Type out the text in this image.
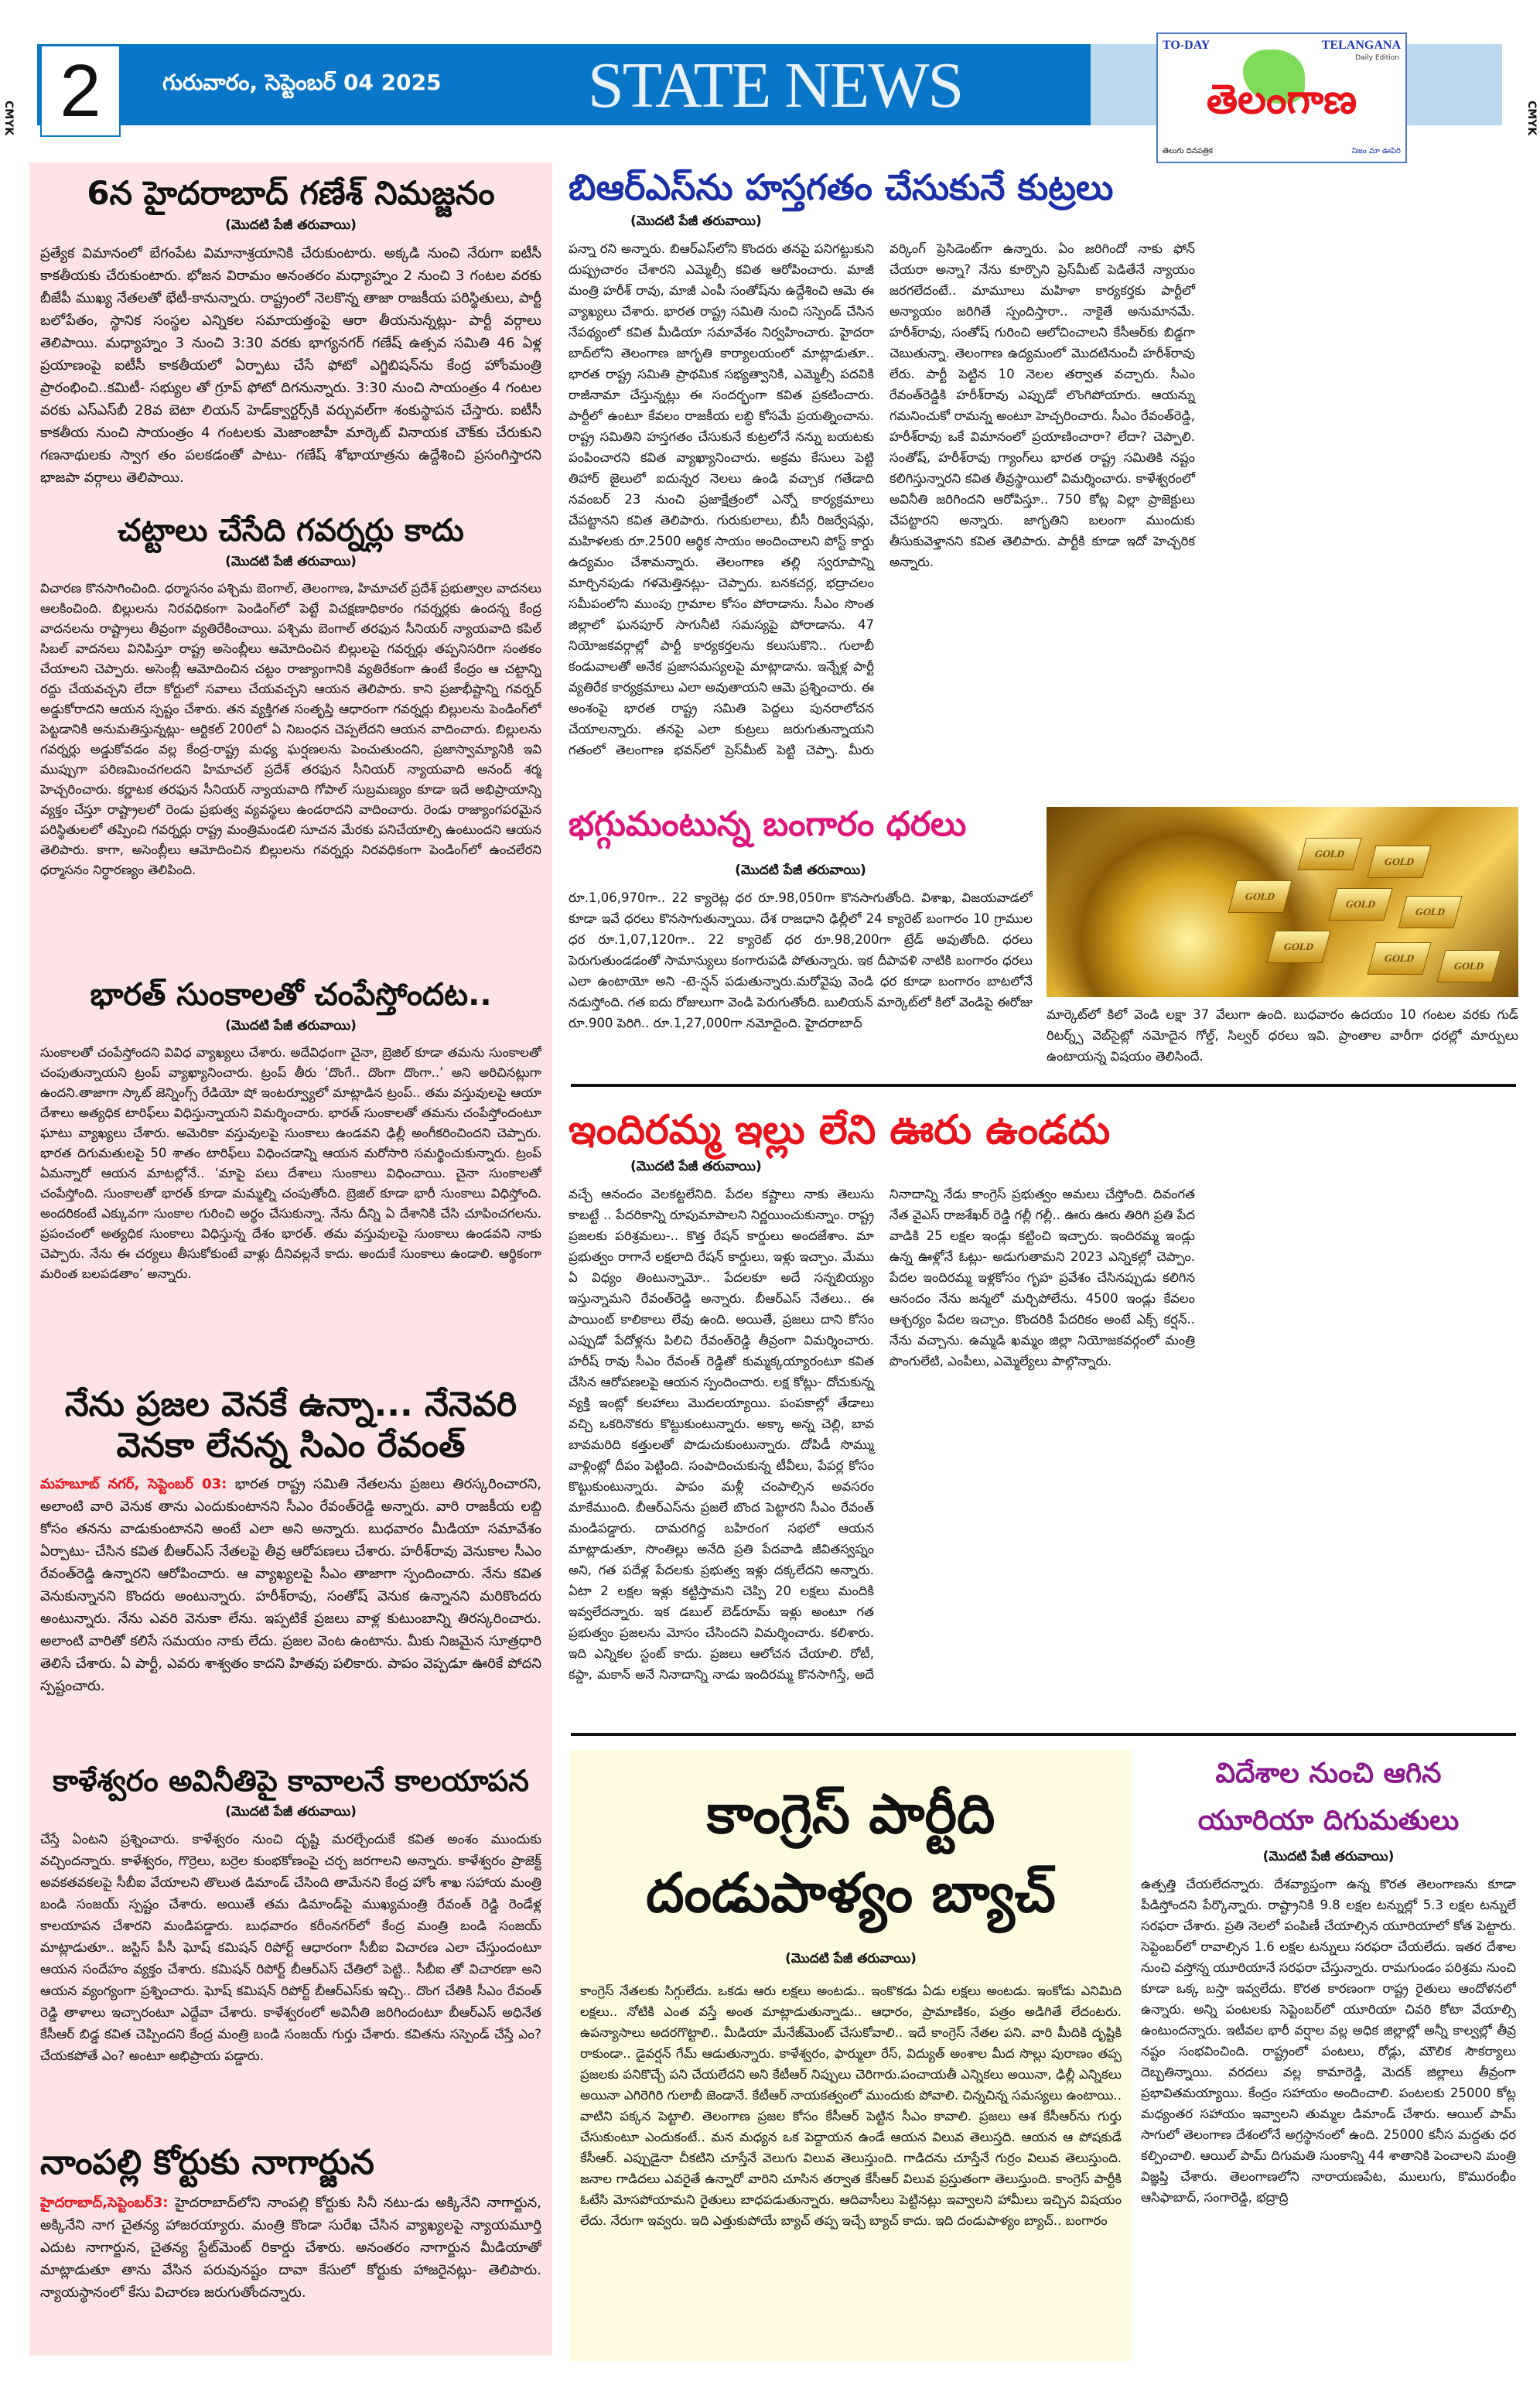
CMYK	CMYK
2	గురువారం, సెప్టెంబర్ 04 2025 STATE NEWS
TO-DAY	TELANGANA
Daily Edition
తెలంగాణ
తెలుగు దినపత్రిక	నిజం మా ఊపిరి
6న హైదరాబాద్ గణేశ్ నిమజ్జనం
(మొదటి పేజీ తరువాయి)

ప్రత్యేక విమానంలో బేగంపేట విమానాశ్రయానికి చేరుకుంటారు. అక్కడి నుంచి నేరుగా ఐటీసీ కాకతీయకు చేరుకుంటారు. భోజన విరామం అనంతరం మధ్యాహ్నం 2 నుంచి 3 గంటల వరకు బీజేపీ ముఖ్య నేతలతో భేటీ-కానున్నారు. రాష్ట్రంలో నెలకొన్న తాజా రాజకీయ పరిస్థితులు, పార్టీ బలోపేతం, స్థానిక సంస్థల ఎన్నికల సమాయత్తంపై ఆరా తీయనున్నట్లు- పార్టీ వర్గాలు తెలిపాయి. మధ్యాహ్నం 3 నుంచి 3:30 వరకు భాగ్యనగర్ గణేష్ ఉత్సవ సమితి 46 ఏళ్ల ప్రయాణంపై ఐటీసీ కాకతీయలో ఏర్పాటు చేసే ఫోటో ఎగ్జిబిషన్‌ను కేంద్ర హోంమంత్రి ప్రారంభించి..కమిటీ- సభ్యుల తో గ్రూప్ ఫోటో దిగనున్నారు. 3:30 నుంచి సాయంత్రం 4 గంటల వరకు ఎస్ఎస్‌బీ 28వ బెటా లియన్ హెడ్‌క్వార్టర్స్‌కి వర్చువల్‌గా శంకుస్థాపన చేస్తారు. ఐటీసీ కాకతీయ నుంచి సాయంత్రం 4 గంటలకు మెజాంజాహీ మార్కెట్ వినాయక చౌక్‌కు చేరుకుని గణనాథులకు స్వాగ తం పలకడంతో పాటు- గణేష్ శోభాయాత్రను ఉద్దేశించి ప్రసంగిస్తారని భాజపా వర్గాలు తెలిపాయి.

చట్టాలు చేసేది గవర్నర్లు కాదు
(మొదటి పేజీ తరువాయి)

విచారణ కొనసాగించింది. ధర్మాసనం పశ్చిమ బెంగాల్, తెలంగాణ, హిమాచల్ ప్రదేశ్ ప్రభుత్వాల వాదనలు ఆలకించింది. బిల్లులను నిరవధికంగా పెండింగ్‌లో పెట్టే విచక్షణాధికారం గవర్నర్లకు ఉందన్న కేంద్ర వాదనలను రాష్ట్రాలు తీవ్రంగా వ్యతిరేకించాయి. పశ్చిమ బెంగాల్ తరఫున సీనియర్ న్యాయవాది కపిల్ సిబల్ వాదనలు వినిపిస్తూ రాష్ట్ర అసెంబ్లీలు ఆమోదించిన బిల్లులపై గవర్నర్లు తప్పనిసరిగా సంతకం చేయాలని చెప్పారు. అసెంబ్లీ ఆమోదించిన చట్టం రాజ్యాంగానికి వ్యతిరేకంగా ఉంటే కేంద్రం ఆ చట్టాన్ని రద్దు చేయవచ్చని లేదా కోర్టులో సవాలు చేయవచ్చని ఆయన తెలిపారు. కాని ప్రజాభీష్టాన్ని గవర్నర్ అడ్డుకోరాదని ఆయన స్పష్టం చేశారు. తన వ్యక్తిగత సంతృప్తి ఆధారంగా గవర్నర్లు బిల్లులను పెండింగ్‌లో పెట్టడానికి అనుమతిస్తున్నట్లు- ఆర్టికల్ 200లో ఏ నిబంధన చెప్పలేదని ఆయన వాదించారు. బిల్లులను గవర్నర్లు అడ్డుకోవడం వల్ల కేంద్ర-రాష్ట్ర మధ్య ఘర్షణలను పెంచుతుందని, ప్రజాస్వామ్యానికి ఇవి ముప్పుగా పరిణమించగలదని హిమాచల్ ప్రదేశ్ తరఫున సీనియర్ న్యాయవాది ఆనంద్ శర్మ హెచ్చరించారు. కర్ణాటక తరఫున సీనియర్ న్యాయవాది గోపాల్ సుబ్రమణ్యం కూడా ఇదే అభిప్రాయాన్ని వ్యక్తం చేస్తూ రాష్ట్రాలలో రెండు ప్రభుత్వ వ్యవస్థలు ఉండరాదని వాదించారు. రెండు రాజ్యాంగపరమైన పరిస్థితులలో తప్పించి గవర్నర్లు రాష్ట్ర మంత్రిమండలి సూచన మేరకు పనిచేయాల్సి ఉంటుందని ఆయన తెలిపారు. కాగా, అసెంబ్లీలు ఆమోదించిన బిల్లులను గవర్నర్లు నిరవధికంగా పెండింగ్‌లో ఉంచలేరని ధర్మాసనం నిర్ధారణ్యం తెలిపింది.

భారత్ సుంకాలతో చంపేస్తోందట..
(మొదటి పేజీ తరువాయి)

సుంకాలతో చంపేస్తోందని వివిధ వ్యాఖ్యలు చేశారు. అదేవిధంగా చైనా, బ్రెజిల్ కూడా తమను సుంకాలతో చంపుతున్నాయని ట్రంప్ వ్యాఖ్యానించారు. ట్రంప్ తీరు ‘దొంగే.. దొంగా దొంగా..’ అని అరిచినట్లుగా ఉందని.తాజాగా స్కాట్ జెన్నింగ్స్ రేడియో షో ఇంటర్వ్యూలో మాట్లాడిన ట్రంప్.. తమ వస్తువులపై ఆయా దేశాలు అత్యధిక టారిఫ్‌లు విధిస్తున్నాయని విమర్శించారు. భారత్ సుంకాలతో తమను చంపేస్తోందంటూ ఘాటు వ్యాఖ్యలు చేశారు. అమెరికా వస్తువులపై సుంకాలు ఉండవని ఢిల్లీ అంగీకరించిందని చెప్పారు. భారత దిగుమతులపై 50 శాతం టారిఫ్‌లు విధించడాన్ని ఆయన మరోసారి సమర్థించుకున్నారు. ట్రంప్ ఏమన్నారో ఆయన మాటల్లోనే.. ‘మాపై పలు దేశాలు సుంకాలు విధించాయి. చైనా సుంకాలతో చంపేస్తోంది. సుంకాలతో భారత్ కూడా మమ్మల్ని చంపుతోంది. బ్రెజిల్ కూడా భారీ సుంకాలు విధిస్తోంది. అందరికంటే ఎక్కువగా సుంకాల గురించి అర్థం చేసుకున్నా. నేను దీన్ని ఏ దేశానికి చేసి చూపించగలను. ప్రపంచంలో అత్యధిక సుంకాలు విధిస్తున్న దేశం భారత్. తమ వస్తువులపై సుంకాలు ఉండవని నాకు చెప్పారు. నేను ఈ చర్యలు తీసుకోకుంటే వాళ్లు దీనివల్లనే కాదు. అందుకే సుంకాలు ఉండాలి. ఆర్థికంగా మరింత బలపడతాం’ అన్నారు.

నేను ప్రజల వెనకే ఉన్నా... నేనెవరి వెనకా లేనన్న సిఎం రేవంత్

మహబూబ్ నగర్, సెప్టెంబర్ 03: భారత రాష్ట్ర సమితి నేతలను ప్రజలు తిరస్కరించారని, అలాంటి వారి వెనుక తాను ఎందుకుంటానని సీఎం రేవంత్‌రెడ్డి అన్నారు. వారి రాజకీయ లబ్ది కోసం తనను వాడుకుంటానని అంటే ఎలా అని అన్నారు. బుధవారం మీడియా సమావేశం ఏర్పాటు- చేసిన కవిత బీఆర్ఎస్ నేతలపై తీవ్ర ఆరోపణలు చేశారు. హరీశ్‌రావు వెనుకాల సీఎం రేవంత్‌రెడ్డి ఉన్నారని ఆరోపించారు. ఆ వ్యాఖ్యలపై సీఎం తాజాగా స్పందించారు. నేను కవిత వెనుకున్నానని కొందరు అంటున్నారు. హరీశ్‌రావు, సంతోష్ వెనుక ఉన్నానని మరికొందరు అంటున్నారు. నేను ఎవరి వెనుకా లేను. ఇప్పటికే ప్రజలు వాళ్ల కుటుంబాన్ని తిరస్కరించారు. అలాంటి వారితో కలిసే సమయం నాకు లేదు. ప్రజల వెంట ఉంటాను. మీకు నిజమైన సూత్రధారి తెలిసే చేశారు. ఏ పార్టీ, ఎవరు శాశ్వతం కాదని హితవు పలికారు. పాపం వెప్పడూ ఊరికే పోదని స్పష్టంచారు.

కాళేశ్వరం అవినీతిపై కావాలనే కాలయాపన
(మొదటి పేజీ తరువాయి)

చేస్తే ఏంటని ప్రశ్నించారు. కాళేశ్వరం నుంచి దృష్టి మరల్చేందుకే కవిత అంశం ముందుకు వచ్చిందన్నారు. కాళేశ్వరం, గొర్రెలు, బర్రెల కుంభకోణంపై చర్చ జరగాలని అన్నారు. కాళేశ్వరం ప్రాజెక్ట్ అవకతవకలపై సీబీఐ వేయాలని తొలుత డిమాండ్ చేసింది తామేనని కేంద్ర హోం శాఖ సహాయ మంత్రి బండి సంజయ్ స్పష్టం చేశారు. అయితే తమ డిమాండ్‌పై ముఖ్యమంత్రి రేవంత్ రెడ్డి రెండేళ్ల కాలయాపన చేశారని మండిపడ్డారు. బుధవారం కరీంనగర్‌లో కేంద్ర మంత్రి బండి సంజయ్ మాట్లాడుతూ.. జస్టిస్ పీసీ ఘోష్ కమిషన్ రిపోర్ట్ ఆధారంగా సీబీఐ విచారణ ఎలా చేస్తుందంటూ ఆయన సందేహం వ్యక్తం చేశారు. కమిషన్ రిపోర్ట్ బీఆర్ఎస్ చేతిలో పెట్టి.. సీబీఐ తో విచారణా అని ఆయన వ్యంగ్యంగా ప్రశ్నించారు. ఘోష్ కమిషన్ రిపోర్ట్ బీఆర్ఎస్‌కు ఇచ్చి.. దొంగ చేతికి సీఎం రేవంత్ రెడ్డి తాళాలు ఇచ్చారంటూ ఎద్దేవా చేశారు. కాళేశ్వరంలో అవినీతి జరిగిందంటూ బీఆర్ఎస్ అధినేత కేసీఆర్ బిడ్డ కవిత చెప్పిందని కేంద్ర మంత్రి బండి సంజయ్ గుర్తు చేశారు. కవితను సస్పెండ్ చేస్తే ఎం? చేయకపోతే ఎం? అంటూ అభిప్రాయ పడ్డారు.

నాంపల్లి కోర్టుకు నాగార్జున

హైదరాబాద్,సెప్టెంబర్3: హైదరాబాద్‌లోని నాంపల్లి కోర్టుకు సినీ నటు-డు అక్కినేని నాగార్జున, అక్కినేని నాగ చైతన్య హాజరయ్యారు. మంత్రి కొండా సురేఖ చేసిన వ్యాఖ్యలపై న్యాయమూర్తి ఎదుట నాగార్జున, చైతన్య స్టేట్‌మెంట్ రికార్డు చేశారు. అనంతరం నాగార్జున మీడియాతో మాట్లాడుతూ తాను వేసిన పరువునష్టం దావా కేసులో కోర్టుకు హాజరైనట్లు- తెలిపారు. న్యాయస్థానంలో కేసు విచారణ జరుగుతోందన్నారు.

బిఆర్‌ఎస్‌ను హస్తగతం చేసుకునే కుట్రలు
(మొదటి పేజీ తరువాయి)

పన్నా రని అన్నారు. బిఆర్ఎస్‌లోని కొందరు తనపై పనిగట్టుకుని దుష్ప్రచారం చేశారని ఎమ్మెల్సీ కవిత ఆరోపించారు. మాజీ మంత్రి హరీశ్ రావు, మాజీ ఎంపీ సంతోష్‌ను ఉద్దేశించి ఆమె ఈ వ్యాఖ్యలు చేశారు. భారత రాష్ట్ర సమితి నుంచి సస్పెండ్ చేసిన నేపథ్యంలో కవిత మీడియా సమావేశం నిర్వహించారు. హైదరా బాద్‌లోని తెలంగాణ జాగృతి కార్యాలయంలో మాట్లాడుతూ.. భారత రాష్ట్ర సమితి ప్రాథమిక సభ్యత్వానికి, ఎమ్మెల్సీ పదవికి రాజీనామా చేస్తున్నట్లు ఈ సందర్భంగా కవిత ప్రకటించారు. పార్టీలో ఉంటూ కేవలం రాజకీయ లబ్ధి కోసమే ప్రయత్నించాను. రాష్ట్ర సమితిని హస్తగతం చేసుకునే కుట్రలోనే నన్ను బయటకు పంపించారని కవిత వ్యాఖ్యానించారు. అక్రమ కేసులు పెట్టి తిహార్ జైలులో ఐదున్నర నెలలు ఉండి వచ్చాక గతేడాది నవంబర్ 23 నుంచి ప్రజాక్షేత్రంలో ఎన్నో కార్యక్రమాలు చేపట్టానని కవిత తెలిపారు. గురుకులాలు, బీసీ రిజర్వేషన్లు, మహిళలకు రూ.2500 ఆర్థిక సాయం అందించాలని పోస్ట్ కార్డు ఉద్యమం చేశామన్నారు. తెలంగాణ తల్లి స్వరూపాన్ని మార్చినపుడు గళమెత్తినట్లు- చెప్పారు. బనకచర్ల, భద్రాచలం సమీపంలోని ముంపు గ్రామాల కోసం పోరాడాను. సీఎం సొంత జిల్లాలో ఘనపూర్ సాగునీటి సమస్యపై పోరాడాను. 47 నియోజకవర్గాల్లో పార్టీ కార్యకర్తలను కలుసుకొని.. గులాబీ కండువాలతో అనేక ప్రజాసమస్యలపై మాట్లాడాను. ఇన్నేళ్ల పార్టీ వ్యతిరేక కార్యక్రమాలు ఎలా అవుతాయని ఆమె ప్రశ్నించారు. ఈ అంశంపై భారత రాష్ట్ర సమితి పెద్దలు పునరాలోచన చేయాలన్నారు. తనపై ఎలా కుట్రలు జరుగుతున్నాయని గతంలో తెలంగాణ భవన్‌లో ప్రెస్‌మీట్ పెట్టి చెప్పా. మీరు వర్కింగ్ ప్రెసిడెంట్‌గా ఉన్నారు. ఏం జరిగిందో నాకు ఫోన్ చేయరా అన్నా? నేను కూర్చొని ప్రెస్‌మీట్ పెడితేనే న్యాయం జరగలేదంటే.. మామూలు మహిళా కార్యకర్తకు పార్టీలో అన్యాయం జరిగితే స్పందిస్తారా.. నాకైతే అనుమానమే. హరీశ్‌రావు, సంతోష్ గురించి ఆలోచించాలని కేసీఆర్‌కు బిడ్డగా చెబుతున్నా. తెలంగాణ ఉద్యమంలో మొదటినుంచీ హరీశ్‌రావు లేరు. పార్టీ పెట్టిన 10 నెలల తర్వాత వచ్చారు. సీఎం రేవంత్‌రెడ్డికి హరీశ్‌రావు ఎప్పుడో లొంగిపోయారు. ఆయన్ను గమనించుకో రామన్న అంటూ హెచ్చరించారు. సీఎం రేవంత్‌రెడ్డి, హరీశ్‌రావు ఒకే విమానంలో ప్రయాణించారా? లేదా? చెప్పాలి. సంతోష్, హరీశ్‌రావు గ్యాంగ్‌లు భారత రాష్ట్ర సమితికి నష్టం కలిగిస్తున్నారని కవిత తీవ్రస్థాయిలో విమర్శించారు. కాళేశ్వరంలో అవినీతి జరిగిందని ఆరోపిస్తూ.. 750 కోట్ల విల్లా ప్రాజెక్టులు చేపట్టారని అన్నారు. జాగృతిని బలంగా ముందుకు తీసుకువెళ్తానని కవిత తెలిపారు. పార్టీకి కూడా ఇదో హెచ్చరిక అన్నారు.

భగ్గుమంటున్న బంగారం ధరలు
(మొదటి పేజీ తరువాయి)

రూ.1,06,970గా.. 22 క్యారెట్ల ధర రూ.98,050గా కొనసాగుతోంది. విశాఖ, విజయవాడలో కూడా ఇవే ధరలు కొనసాగుతున్నాయి. దేశ రాజధాని ఢిల్లీలో 24 క్యారెట్ బంగారం 10 గ్రాముల ధర రూ.1,07,120గా.. 22 క్యారెట్ ధర రూ.98,200గా ట్రేడ్ అవుతోంది. ధరలు పెరుగుతుండడంతో సామాన్యులు కంగారుపడి పోతున్నారు. ఇక దీపావళి నాటికి బంగారం ధరలు ఎలా ఉంటాయో అని -టె-న్షన్ పడుతున్నారు.మరోవైపు వెండి ధర కూడా బంగారం బాటలోనే నడుస్తోంది. గత ఐదు రోజులుగా వెండి పెరుగుతోంది. బులియన్ మార్కెట్‌లో కిలో వెండిపై ఈరోజు రూ.900 పెరిగి.. రూ.1,27,000గా నమోదైంది. హైదరాబాద్

GOLD
GOLD
GOLD
GOLD
GOLD
GOLD
GOLD
GOLD

మార్కెట్‌లో కిలో వెండి లక్షా 37 వేలుగా ఉంది. బుధవారం ఉదయం 10 గంటల వరకు గుడ్ రిటర్న్స్ వెబ్‌సైట్లో నమోదైన గోల్డ్, సిల్వర్ ధరలు ఇవి. ప్రాంతాల వారీగా ధరల్లో మార్పులు ఉంటాయన్న విషయం తెలిసిందే.

ఇందిరమ్మ ఇల్లు లేని ఊరు ఉండదు
(మొదటి పేజీ తరువాయి)

వచ్చే ఆనందం వెలకట్టలేనిది. పేదల కష్టాలు నాకు తెలుసు కాబట్టే .. పేదరికాన్ని రూపుమాపాలని నిర్ణయించుకున్నాం. రాష్ట్ర ప్రజలకు పరిశ్రమలు-.. కొత్త రేషన్ కార్డులు అందజేశాం. మా ప్రభుత్వం రాగానే లక్షలాది రేషన్ కార్డులు, ఇళ్లు ఇచ్చాం. మేము ఏ విధ్యం తింటున్నామో.. పేదలకూ అదే సన్నబియ్యం ఇస్తున్నామని రేవంత్‌రెడ్డి అన్నారు. బీఆర్ఎస్ నేతలు.. ఈ పాయింట్ కాలికాలు లేవు ఉంది. అయితే, ప్రజలు దాని కోసం ఎప్పుడో పేదోళ్లను పిలిచి రేవంత్‌రెడ్డి తీవ్రంగా విమర్శించారు. హరీష్ రావు సీఎం రేవంత్ రెడ్డితో కుమ్మక్కయ్యారంటూ కవిత చేసిన ఆరోపణలపై ఆయన స్పందించారు. లక్ష కోట్లు- దోచుకున్న వ్యక్తి ఇంట్లో కలహాలు మొదలయ్యాయి. పంపకాల్లో తేడాలు వచ్చి ఒకరినొకరు కొట్టుకుంటున్నారు. అక్కా అన్న చెల్లి, బావ బావమరిది కత్తులతో పొడుచుకుంటున్నారు. దోపిడీ సొమ్ము వాళ్లింట్లో దీపం పెట్టింది. సంపాదించుకున్న టీవీలు, పేపర్ల కోసం కొట్టుకుంటున్నారు. పాపం మళ్లీ చంపాల్సిన అవసరం మాకేముంది. బీఆర్ఎస్‌ను ప్రజలే బొంద పెట్టారని సీఎం రేవంత్ మండిపడ్డారు. దామరగిద్ద బహిరంగ సభలో ఆయన మాట్లాడుతూ, సొంతిల్లు అనేది ప్రతి పేదవాడి జీవితస్వప్నం అని, గత పదేళ్ల పేదలకు ప్రభుత్వ ఇళ్లు దక్కలేదని అన్నారు. ఏటా 2 లక్షల ఇళ్లు కట్టిస్తామని చెప్పి 20 లక్షలు మందికి ఇవ్వలేదన్నారు. ఇక డబుల్ బెడ్‌రూమ్ ఇళ్లు అంటూ గత ప్రభుత్వం ప్రజలను మోసం చేసిందని విమర్శించారు. కలిశారు. ఇది ఎన్నికల స్టంట్ కాదు. ప్రజలు ఆలోచన చేయాలి. రోటీ, కప్డా, మకాన్ అనే నినాదాన్ని నాడు ఇందిరమ్మ కొనసాగిస్తే, అదే నినాదాన్ని నేడు కాంగ్రెస్ ప్రభుత్వం అమలు చేస్తోంది. దివంగత నేత వైఎస్ రాజశేఖర్ రెడ్డి గల్లీ గల్లీ.. ఊరు ఊరు తిరిగి ప్రతి పేద వాడికి 25 లక్షల ఇండ్లు కట్టించి ఇచ్చారు. ఇందిరమ్మ ఇండ్లు ఉన్న ఊళ్లోనే ఓట్లు- అడుగుతామని 2023 ఎన్నికల్లో చెప్పాం. పేదల ఇందిరమ్మ ఇళ్లకోసం గృహ ప్రవేశం చేసినప్పుడు కలిగిన ఆనందం నేను జన్మలో మర్చిపోలేను. 4500 ఇండ్లు కేవలం ఆశ్చర్యం పేదల ఇచ్చాం. కొందరికి పేదరికం అంటే ఎక్స్ కర్షన్.. నేను వచ్చాను. ఉమ్మడి ఖమ్మం జిల్లా నియోజకవర్గంలో మంత్రి పొంగులేటి, ఎంపీలు, ఎమ్మెల్యేలు పాల్గొన్నారు.

కాంగ్రెస్ పార్టీది
దండుపాళ్యం బ్యాచ్
(మొదటి పేజీ తరువాయి)

కాంగ్రెస్ నేతలకు సిగ్గులేదు. ఒకడు ఆరు లక్షలు అంటడు.. ఇంకొకడు ఏడు లక్షలు అంటడు. ఇంకోడు ఎనిమిది లక్షలు.. నోటికి ఎంత వస్తే అంత మాట్లాడుతున్నాడు.. ఆధారం, ప్రామాణికం, పత్రం అడిగితే లేదంటరు. ఉపన్యాసాలు అదరగొట్టాలి.. మీడియా మేనేజ్‌మెంట్ చేసుకోవాలి.. ఇదే కాంగ్రెస్ నేతల పని. వారి మీదికి దృష్టికి రాకుండా.. డైవర్షన్ గేమ్ ఆడుతున్నారు. కాళేశ్వరం, ఫార్ములా రేస్, విద్యుత్ అంశాల మీద సొల్లు పురాణం తప్ప ప్రజలకు పనికొచ్చే పని చేయలేదని అని కేటీఆర్ నిప్పులు చెరిగారు.పంచాయతీ ఎన్నికలు అయినా, ఢిల్లీ ఎన్నికలు అయినా ఎగిరెగిరి గులాబీ జెండానే. కేటీఆర్ నాయకత్వంలో ముందుకు పోవాలి. చిన్నచిన్న సమస్యలు ఉంటాయి.. వాటిని పక్కన పెట్టాలి. తెలంగాణ ప్రజల కోసం కేసీఆర్ పెట్టిన సీఎం కావాలి. ప్రజలు ఆశ కేసీఆర్‌ను గుర్తు చేసుకుంటూ ఎందుకంటే.. మన మధ్యన ఒక పెద్దాయన ఉండే ఆయన విలువ తెలుస్తది. ఆయన ఆ పోషకుడే కేసీఆర్. ఎప్పుడైనా చీకటిని చూస్తేనే వెలుగు విలువ తెలుస్తుంది. గాడిదను చూస్తేనే గుర్రం విలువ తెలుస్తుంది. జనాల గాడిదలు ఎవరైతే ఉన్నారో వారిని చూసిన తర్వాత కేసీఆర్ విలువ ప్రస్తుతంగా తెలుస్తుంది. కాంగ్రెస్ పార్టీకి ఓటేసి మోసపోయామని రైతులు బాధపడుతున్నారు. ఆదివాసీలు పెట్టినట్లు ఇవ్వాలని హామీలు ఇచ్చిన విషయం లేదు. నేరుగా ఇవ్వరు. ఇది ఎత్తుకుపోయే బ్యాచ్ తప్ప ఇచ్చే బ్యాచ్ కాదు. ఇది దండుపాళ్యం బ్యాచ్.. బంగారం

విదేశాల నుంచి ఆగిన
యూరియా దిగుమతులు
(మొదటి పేజీ తరువాయి)

ఉత్పత్తి చేయలేదన్నారు. దేశవ్యాప్తంగా ఉన్న కొరత తెలంగాణను కూడా పీడిస్తోందని పేర్కొన్నారు. రాష్ట్రానికి 9.8 లక్షల టన్నుల్లో 5.3 లక్షల టన్నులే సరఫరా చేశారు. ప్రతి నెలలో పంపిణీ చేయాల్సిన యూరియాలో కోత పెట్టారు. సెప్టెంబర్‌లో రావాల్సిన 1.6 లక్షల టన్నులు సరఫరా చేయలేదు. ఇతర దేశాల నుంచి వస్తోన్న యూరియానే సరఫరా చేస్తున్నారు. రామగుండం పరిశ్రమ నుంచి కూడా ఒక్క బస్తా ఇవ్వలేదు. కొరత కారణంగా రాష్ట్ర రైతులు ఆందోళనలో ఉన్నారు. అన్ని పంటలకు సెప్టెంబర్‌లో యూరియా చివరి కోటా వేయాల్సి ఉంటుందన్నారు. ఇటీవల భారీ వర్షాల వల్ల అధిక జిల్లాల్లో అన్నీ కాల్వల్లో తీవ్ర నష్టం సంభవించింది. రాష్ట్రంలో పంటలు, రోడ్లు, మౌలిక సౌకర్యాలు దెబ్బతిన్నాయి. వరదలు వల్ల కామారెడ్డి, మెదక్‌ జిల్లాలు తీవ్రంగా ప్రభావితమయ్యాయి. కేంద్రం సహాయం అందించాలి. పంటలకు 25000 కోట్ల మధ్యంతర సహాయం ఇవ్వాలని తుమ్మల డిమాండ్ చేశారు. ఆయిల్ పామ్ సాగులో తెలంగాణ దేశంలోనే అగ్రస్థానంలో ఉంది. 25000 కనీస మద్దతు ధర కల్పించాలి. ఆయిల్ పామ్ దిగుమతి సుంకాన్ని 44 శాతానికి పెంచాలని మంత్రి విజ్ఞప్తి చేశారు. తెలంగాణలోని నారాయణపేట, ములుగు, కొమురంభీం ఆసిఫాబాద్, సంగారెడ్డి, భద్రాద్రి
